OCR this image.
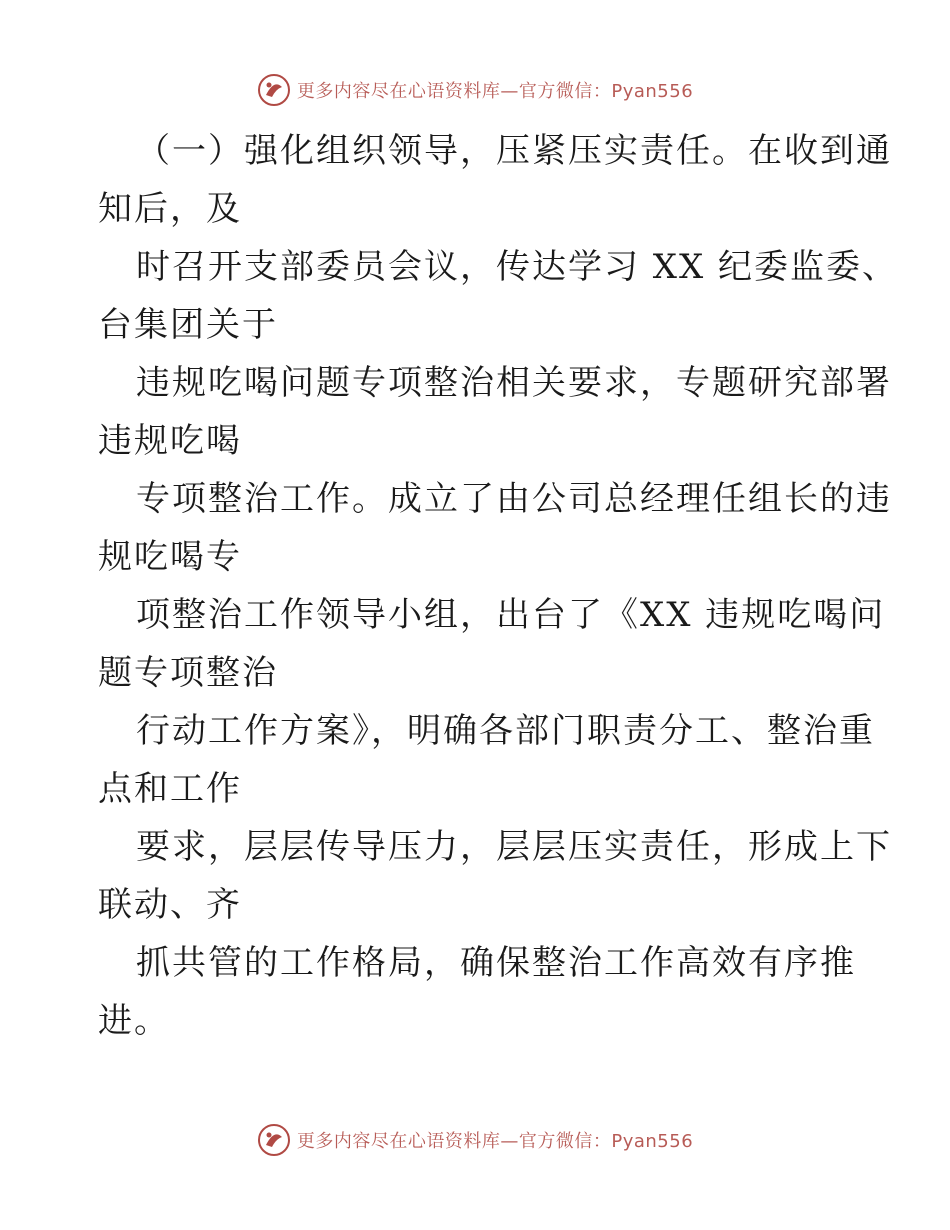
更多内容尽在心语资料库—官方微信：Pyan556
（一）强化组织领导，压紧压实责任。在收到通
知后，及
时召开支部委员会议，传达学习 XX 纪委监委、
台集团关于
违规吃喝问题专项整治相关要求，专题研究部署
违规吃喝
专项整治工作。成立了由公司总经理任组长的违
规吃喝专
项整治工作领导小组，出台了《XX 违规吃喝问
题专项整治
行动工作方案》，明确各部门职责分工、整治重
点和工作
要求，层层传导压力，层层压实责任，形成上下
联动、齐
抓共管的工作格局，确保整治工作高效有序推
进。
更多内容尽在心语资料库—官方微信：Pyan556
